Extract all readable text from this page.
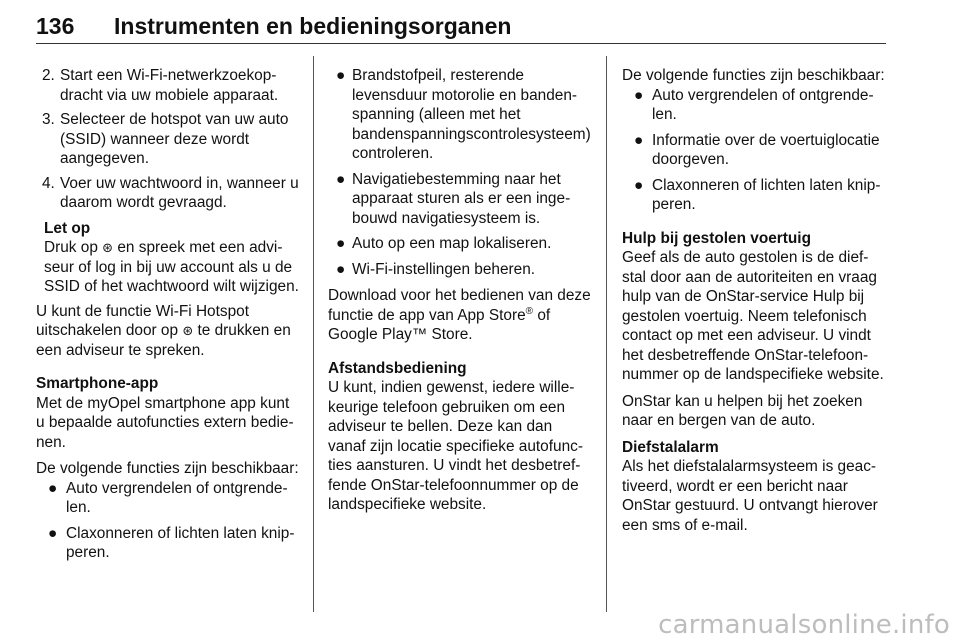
136	Instrumenten en bedieningsorganen
2. Start een Wi-Fi-netwerkzoekopdracht via uw mobiele apparaat.
3. Selecteer de hotspot van uw auto (SSID) wanneer deze wordt aangegeven.
4. Voer uw wachtwoord in, wanneer u daarom wordt gevraagd.
Let op
Druk op ⊛ en spreek met een adviseur of log in bij uw account als u de SSID of het wachtwoord wilt wijzigen.

U kunt de functie Wi-Fi Hotspot uitschakelen door op ⊛ te drukken en een adviseur te spreken.

Smartphone-app

Met de myOpel smartphone app kunt u bepaalde autofuncties extern bedienen.

De volgende functies zijn beschikbaar:

● Auto vergrendelen of ontgrendelen.
● Claxonneren of lichten laten knipperen.
● Brandstofpeil, resterende levensduur motorolie en bandenspanning (alleen met het bandenspanningscontrolesysteem) controleren.
● Navigatiebestemming naar het apparaat sturen als er een ingebouwd navigatiesysteem is.
● Auto op een map lokaliseren.
● Wi-Fi-instellingen beheren.

Download voor het bedienen van deze functie de app van App Store® of Google Play™ Store.

Afstandsbediening

U kunt, indien gewenst, iedere willekeurige telefoon gebruiken om een adviseur te bellen. Deze kan dan vanaf zijn locatie specifieke autofuncties aansturen. U vindt het desbetreffende OnStar-telefoonnummer op de landspecifieke website.

De volgende functies zijn beschikbaar:

● Auto vergrendelen of ontgrendelen.
● Informatie over de voertuiglocatie doorgeven.
● Claxonneren of lichten laten knipperen.

Hulp bij gestolen voertuig

Geef als de auto gestolen is de diefstal door aan de autoriteiten en vraag hulp van de OnStar-service Hulp bij gestolen voertuig. Neem telefonisch contact op met een adviseur. U vindt het desbetreffende OnStar-telefoonnummer op de landspecifieke website.

OnStar kan u helpen bij het zoeken naar en bergen van de auto.

Diefstalalarm

Als het diefstalalarmsysteem is geactiveerd, wordt er een bericht naar OnStar gestuurd. U ontvangt hierover een sms of e-mail.

carmanualsonline.info
